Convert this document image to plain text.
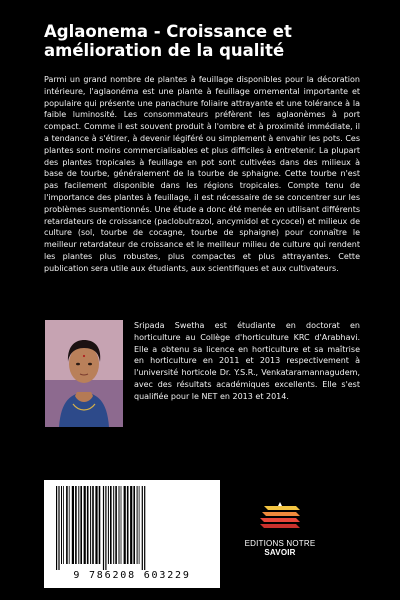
Aglaonema - Croissance et amélioration de la qualité

Parmi un grand nombre de plantes à feuillage disponibles pour la décoration intérieure, l'aglaonéma est une plante à feuillage ornemental importante et populaire qui présente une panachure foliaire attrayante et une tolérance à la faible luminosité. Les consommateurs préfèrent les aglaonèmes à port compact. Comme il est souvent produit à l'ombre et à proximité immédiate, il a tendance à s'étirer, à devenir légiféré ou simplement à envahir les pots. Ces plantes sont moins commercialisables et plus difficiles à entretenir. La plupart des plantes tropicales à feuillage en pot sont cultivées dans des milieux à base de tourbe, généralement de la tourbe de sphaigne. Cette tourbe n'est pas facilement disponible dans les régions tropicales. Compte tenu de l'importance des plantes à feuillage, il est nécessaire de se concentrer sur les problèmes susmentionnés. Une étude a donc été menée en utilisant différents retardateurs de croissance (paclobutrazol, ancymidol et cycocel) et milieux de culture (sol, tourbe de cocagne, tourbe de sphaigne) pour connaître le meilleur retardateur de croissance et le meilleur milieu de culture qui rendent les plantes plus robustes, plus compactes et plus attrayantes. Cette publication sera utile aux étudiants, aux scientifiques et aux cultivateurs.

Sripada Swetha est étudiante en doctorat en horticulture au Collège d'horticulture KRC d'Arabhavi. Elle a obtenu sa licence en horticulture et sa maîtrise en horticulture en 2011 et 2013 respectivement à l'université horticole Dr. Y.S.R., Venkataramannagudem, avec des résultats académiques excellents. Elle s'est qualifiée pour le NET en 2013 et 2014.

9 786208 603229
EDITIONS NOTRE SAVOIR
